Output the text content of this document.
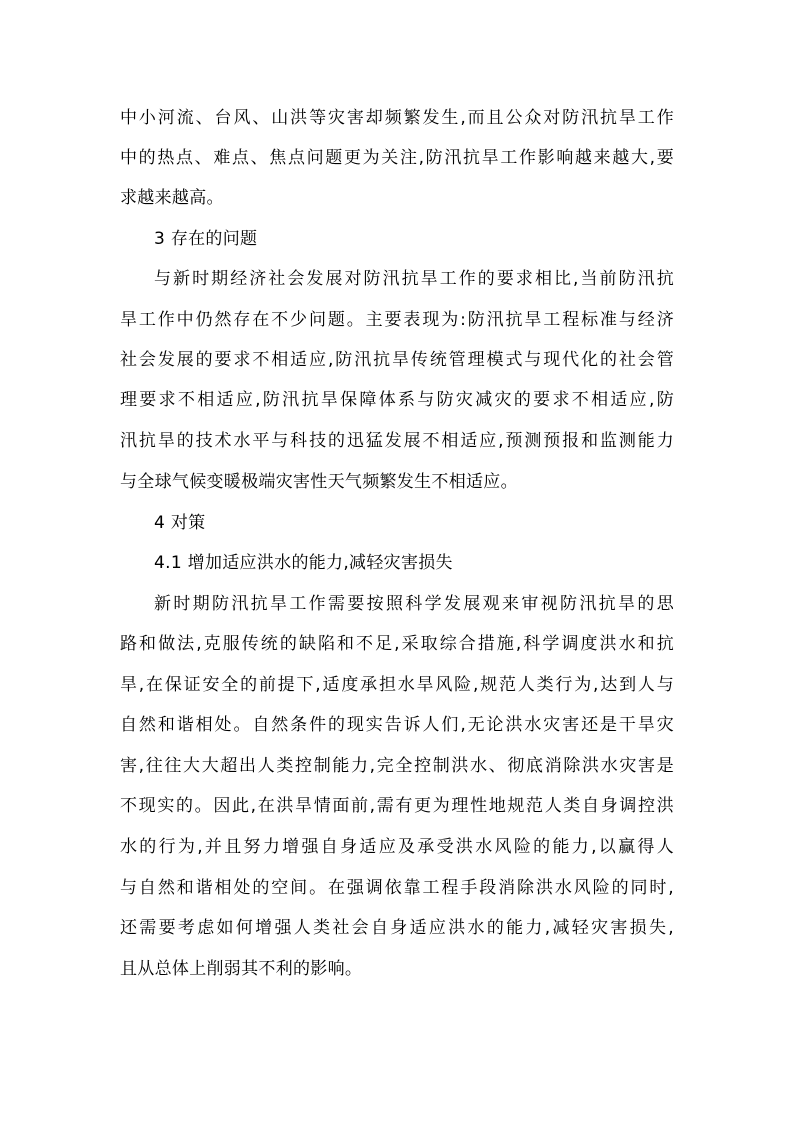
中小河流、台风、山洪等灾害却频繁发生,而且公众对防汛抗旱工作
中的热点、难点、焦点问题更为关注,防汛抗旱工作影响越来越大,要
求越来越高。
3 存在的问题
与新时期经济社会发展对防汛抗旱工作的要求相比,当前防汛抗
旱工作中仍然存在不少问题。主要表现为:防汛抗旱工程标准与经济
社会发展的要求不相适应,防汛抗旱传统管理模式与现代化的社会管
理要求不相适应,防汛抗旱保障体系与防灾减灾的要求不相适应,防
汛抗旱的技术水平与科技的迅猛发展不相适应,预测预报和监测能力
与全球气候变暖极端灾害性天气频繁发生不相适应。
4 对策
4.1 增加适应洪水的能力,减轻灾害损失
新时期防汛抗旱工作需要按照科学发展观来审视防汛抗旱的思
路和做法,克服传统的缺陷和不足,采取综合措施,科学调度洪水和抗
旱,在保证安全的前提下,适度承担水旱风险,规范人类行为,达到人与
自然和谐相处。自然条件的现实告诉人们,无论洪水灾害还是干旱灾
害,往往大大超出人类控制能力,完全控制洪水、彻底消除洪水灾害是
不现实的。因此,在洪旱情面前,需有更为理性地规范人类自身调控洪
水的行为,并且努力增强自身适应及承受洪水风险的能力,以赢得人
与自然和谐相处的空间。在强调依靠工程手段消除洪水风险的同时,
还需要考虑如何增强人类社会自身适应洪水的能力,减轻灾害损失,
且从总体上削弱其不利的影响。
